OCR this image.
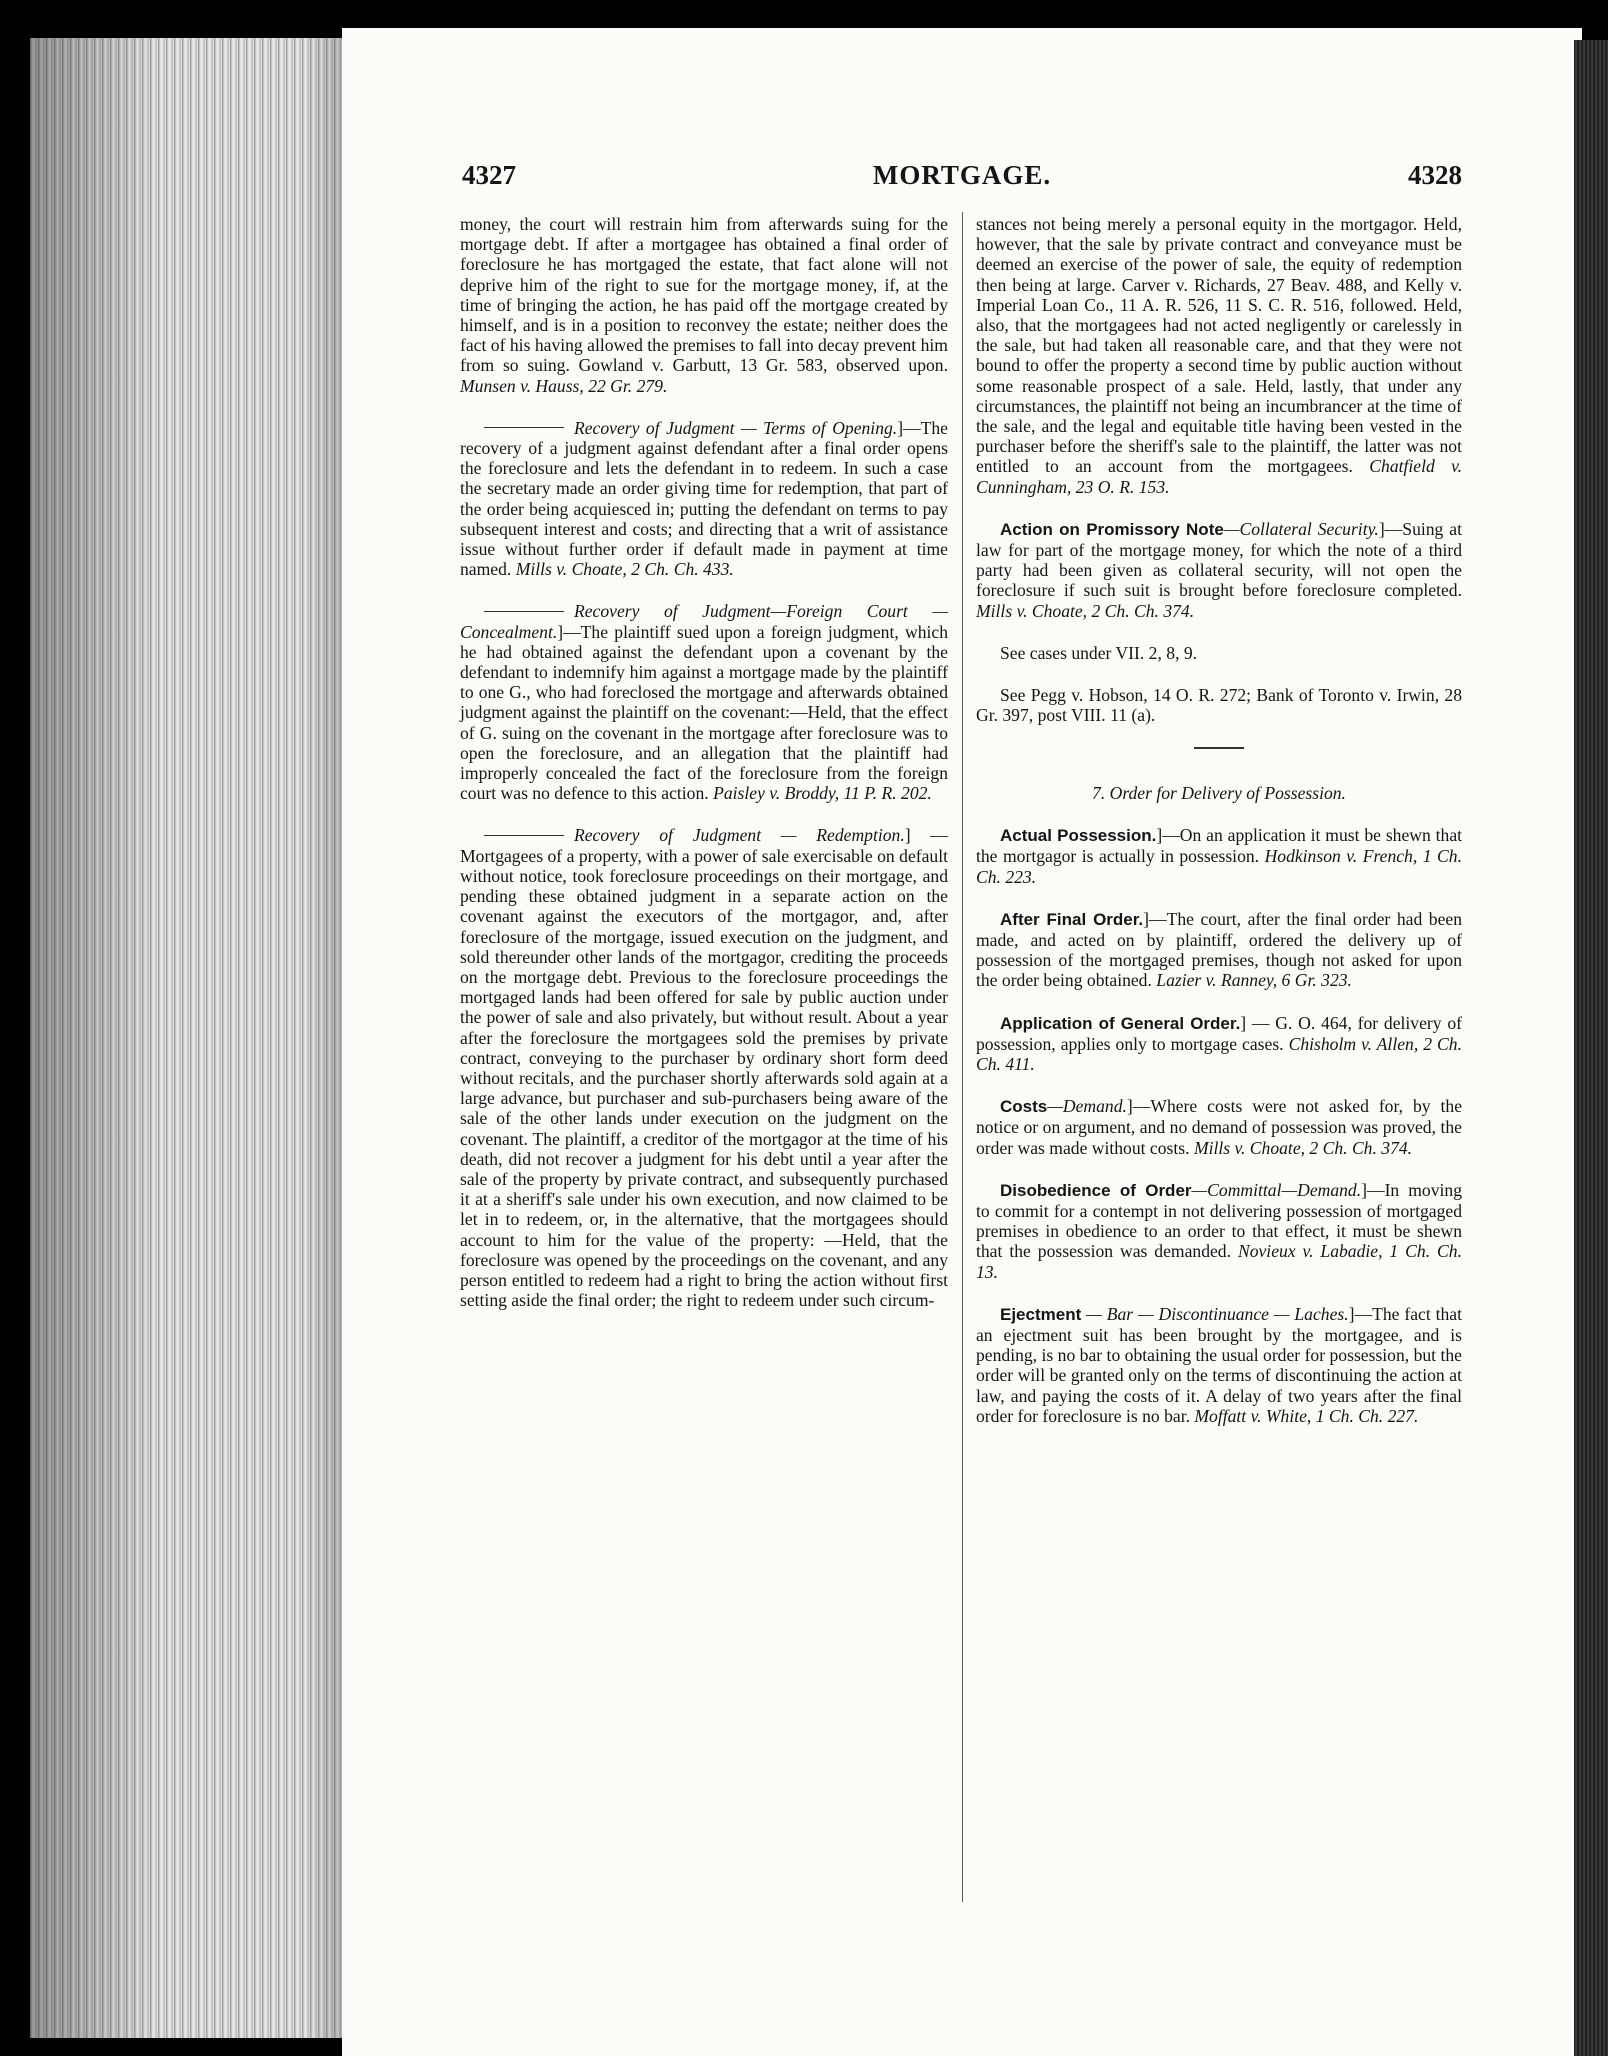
4327	MORTGAGE.	4328

money, the court will restrain him from afterwards suing for the mortgage debt. If after a mortgagee has obtained a final order of foreclosure he has mortgaged the estate, that fact alone will not deprive him of the right to sue for the mortgage money, if, at the time of bringing the action, he has paid off the mortgage created by himself, and is in a position to reconvey the estate; neither does the fact of his having allowed the premises to fall into decay prevent him from so suing. Gowland v. Garbutt, 13 Gr. 583, observed upon. Munsen v. Hauss, 22 Gr. 279.

Recovery of Judgment — Terms of Opening.]—The recovery of a judgment against defendant after a final order opens the foreclosure and lets the defendant in to redeem. In such a case the secretary made an order giving time for redemption, that part of the order being acquiesced in; putting the defendant on terms to pay subsequent interest and costs; and directing that a writ of assistance issue without further order if default made in payment at time named. Mills v. Choate, 2 Ch. Ch. 433.

Recovery of Judgment—Foreign Court — Concealment.]—The plaintiff sued upon a foreign judgment, which he had obtained against the defendant upon a covenant by the defendant to indemnify him against a mortgage made by the plaintiff to one G., who had foreclosed the mortgage and afterwards obtained judgment against the plaintiff on the covenant:—Held, that the effect of G. suing on the covenant in the mortgage after foreclosure was to open the foreclosure, and an allegation that the plaintiff had improperly concealed the fact of the foreclosure from the foreign court was no defence to this action. Paisley v. Broddy, 11 P. R. 202.

Recovery of Judgment — Redemption.] — Mortgagees of a property, with a power of sale exercisable on default without notice, took foreclosure proceedings on their mortgage, and pending these obtained judgment in a separate action on the covenant against the executors of the mortgagor, and, after foreclosure of the mortgage, issued execution on the judgment, and sold thereunder other lands of the mortgagor, crediting the proceeds on the mortgage debt. Previous to the foreclosure proceedings the mortgaged lands had been offered for sale by public auction under the power of sale and also privately, but without result. About a year after the foreclosure the mortgagees sold the premises by private contract, conveying to the purchaser by ordinary short form deed without recitals, and the purchaser shortly afterwards sold again at a large advance, but purchaser and sub-purchasers being aware of the sale of the other lands under execution on the judgment on the covenant. The plaintiff, a creditor of the mortgagor at the time of his death, did not recover a judgment for his debt until a year after the sale of the property by private contract, and subsequently purchased it at a sheriff's sale under his own execution, and now claimed to be let in to redeem, or, in the alternative, that the mortgagees should account to him for the value of the property: —Held, that the foreclosure was opened by the proceedings on the covenant, and any person entitled to redeem had a right to bring the action without first setting aside the final order; the right to redeem under such circum-

stances not being merely a personal equity in the mortgagor. Held, however, that the sale by private contract and conveyance must be deemed an exercise of the power of sale, the equity of redemption then being at large. Carver v. Richards, 27 Beav. 488, and Kelly v. Imperial Loan Co., 11 A. R. 526, 11 S. C. R. 516, followed. Held, also, that the mortgagees had not acted negligently or carelessly in the sale, but had taken all reasonable care, and that they were not bound to offer the property a second time by public auction without some reasonable prospect of a sale. Held, lastly, that under any circumstances, the plaintiff not being an incumbrancer at the time of the sale, and the legal and equitable title having been vested in the purchaser before the sheriff's sale to the plaintiff, the latter was not entitled to an account from the mortgagees. Chatfield v. Cunningham, 23 O. R. 153.

Action on Promissory Note—Collateral Security.]—Suing at law for part of the mortgage money, for which the note of a third party had been given as collateral security, will not open the foreclosure if such suit is brought before foreclosure completed. Mills v. Choate, 2 Ch. Ch. 374.

See cases under VII. 2, 8, 9.

See Pegg v. Hobson, 14 O. R. 272; Bank of Toronto v. Irwin, 28 Gr. 397, post VIII. 11 (a).

7. Order for Delivery of Possession.

Actual Possession.]—On an application it must be shewn that the mortgagor is actually in possession. Hodkinson v. French, 1 Ch. Ch. 223.

After Final Order.]—The court, after the final order had been made, and acted on by plaintiff, ordered the delivery up of possession of the mortgaged premises, though not asked for upon the order being obtained. Lazier v. Ranney, 6 Gr. 323.

Application of General Order.] — G. O. 464, for delivery of possession, applies only to mortgage cases. Chisholm v. Allen, 2 Ch. Ch. 411.

Costs—Demand.]—Where costs were not asked for, by the notice or on argument, and no demand of possession was proved, the order was made without costs. Mills v. Choate, 2 Ch. Ch. 374.

Disobedience of Order—Committal—Demand.]—In moving to commit for a contempt in not delivering possession of mortgaged premises in obedience to an order to that effect, it must be shewn that the possession was demanded. Novieux v. Labadie, 1 Ch. Ch. 13.

Ejectment — Bar — Discontinuance — Laches.]—The fact that an ejectment suit has been brought by the mortgagee, and is pending, is no bar to obtaining the usual order for possession, but the order will be granted only on the terms of discontinuing the action at law, and paying the costs of it. A delay of two years after the final order for foreclosure is no bar. Moffatt v. White, 1 Ch. Ch. 227.
